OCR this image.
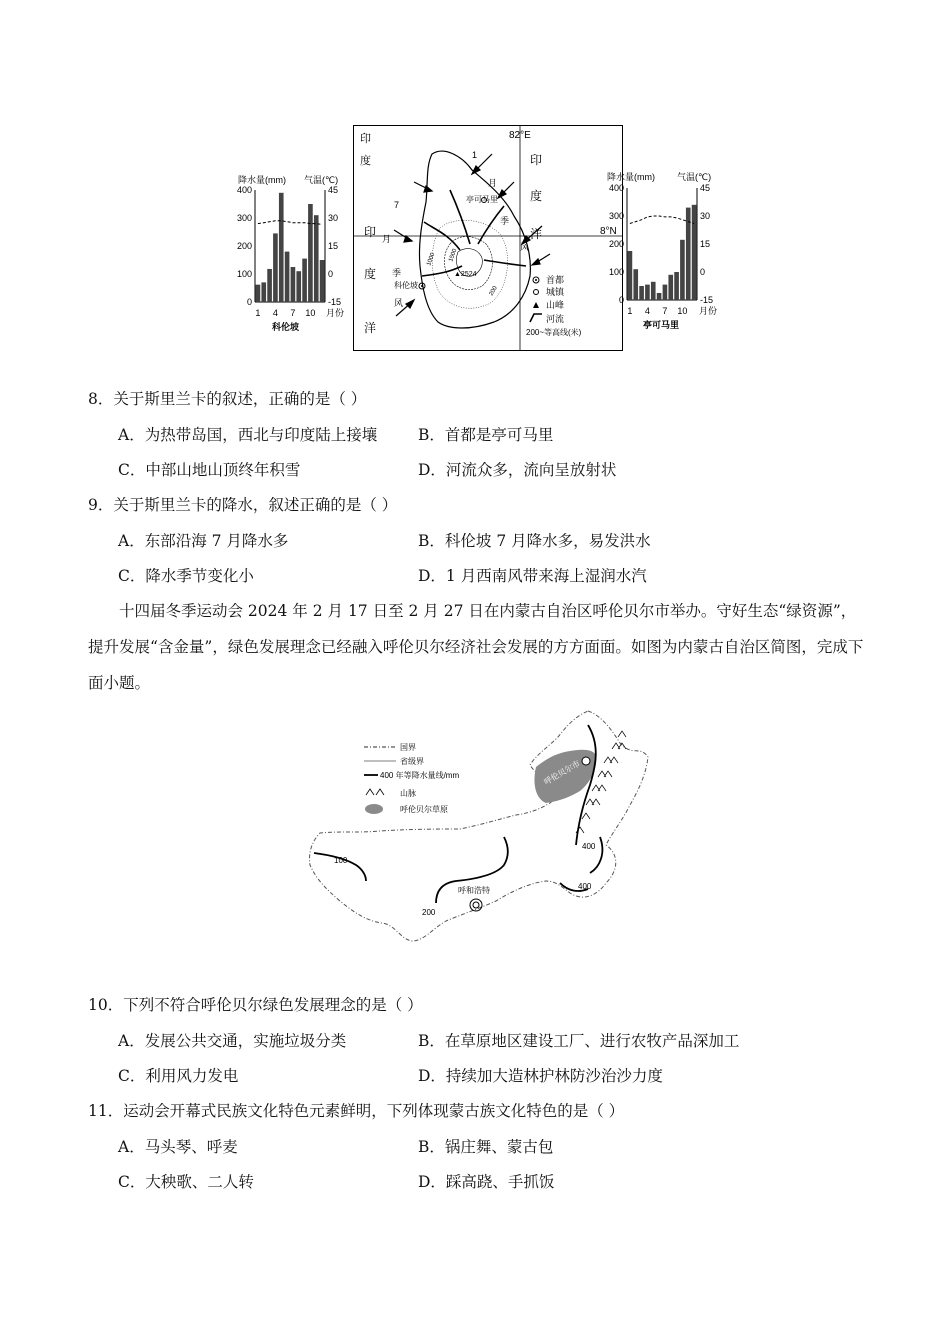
降水量(mm) 气温(℃)
400
300
200
100
0
45
30
15
0
-15
1 4 7 10 月份
科伦坡
82°E
8°N
印
度	印
度
洋
印
度
洋
1
月
季
风
7
月
季
风
亭可马里
科伦坡
▲2524
1000 1500
200
首都
城镇
山峰
河流
200~等高线(米)
降水量(mm) 气温(℃)
400
300
200
100
0
45
30
15
0
-15
1 4 7 10 月份
亭可马里
8．关于斯里兰卡的叙述，正确的是（ ）
A．为热带岛国，西北与印度陆上接壤	B．首都是亭可马里
C．中部山地山顶终年积雪	D．河流众多，流向呈放射状
9．关于斯里兰卡的降水，叙述正确的是（ ）
A．东部沿海 7 月降水多	B．科伦坡 7 月降水多，易发洪水
C．降水季节变化小	D．1 月西南风带来海上湿润水汽
十四届冬季运动会 2024 年 2 月 17 日至 2 月 27 日在内蒙古自治区呼伦贝尔市举办。守好生态“绿资源”，提升发展“含金量”，绿色发展理念已经融入呼伦贝尔经济社会发展的方方面面。如图为内蒙古自治区简图，完成下面小题。
国界
省级界
400 年等降水量线/mm
山脉
呼伦贝尔草原
呼伦贝尔市
100
200
400
400
呼和浩特
10．下列不符合呼伦贝尔绿色发展理念的是（ ）
A．发展公共交通，实施垃圾分类	B．在草原地区建设工厂、进行农牧产品深加工
C．利用风力发电	D．持续加大造林护林防沙治沙力度
11．运动会开幕式民族文化特色元素鲜明，下列体现蒙古族文化特色的是（ ）
A．马头琴、呼麦	B．锅庄舞、蒙古包
C．大秧歌、二人转	D．踩高跷、手抓饭
